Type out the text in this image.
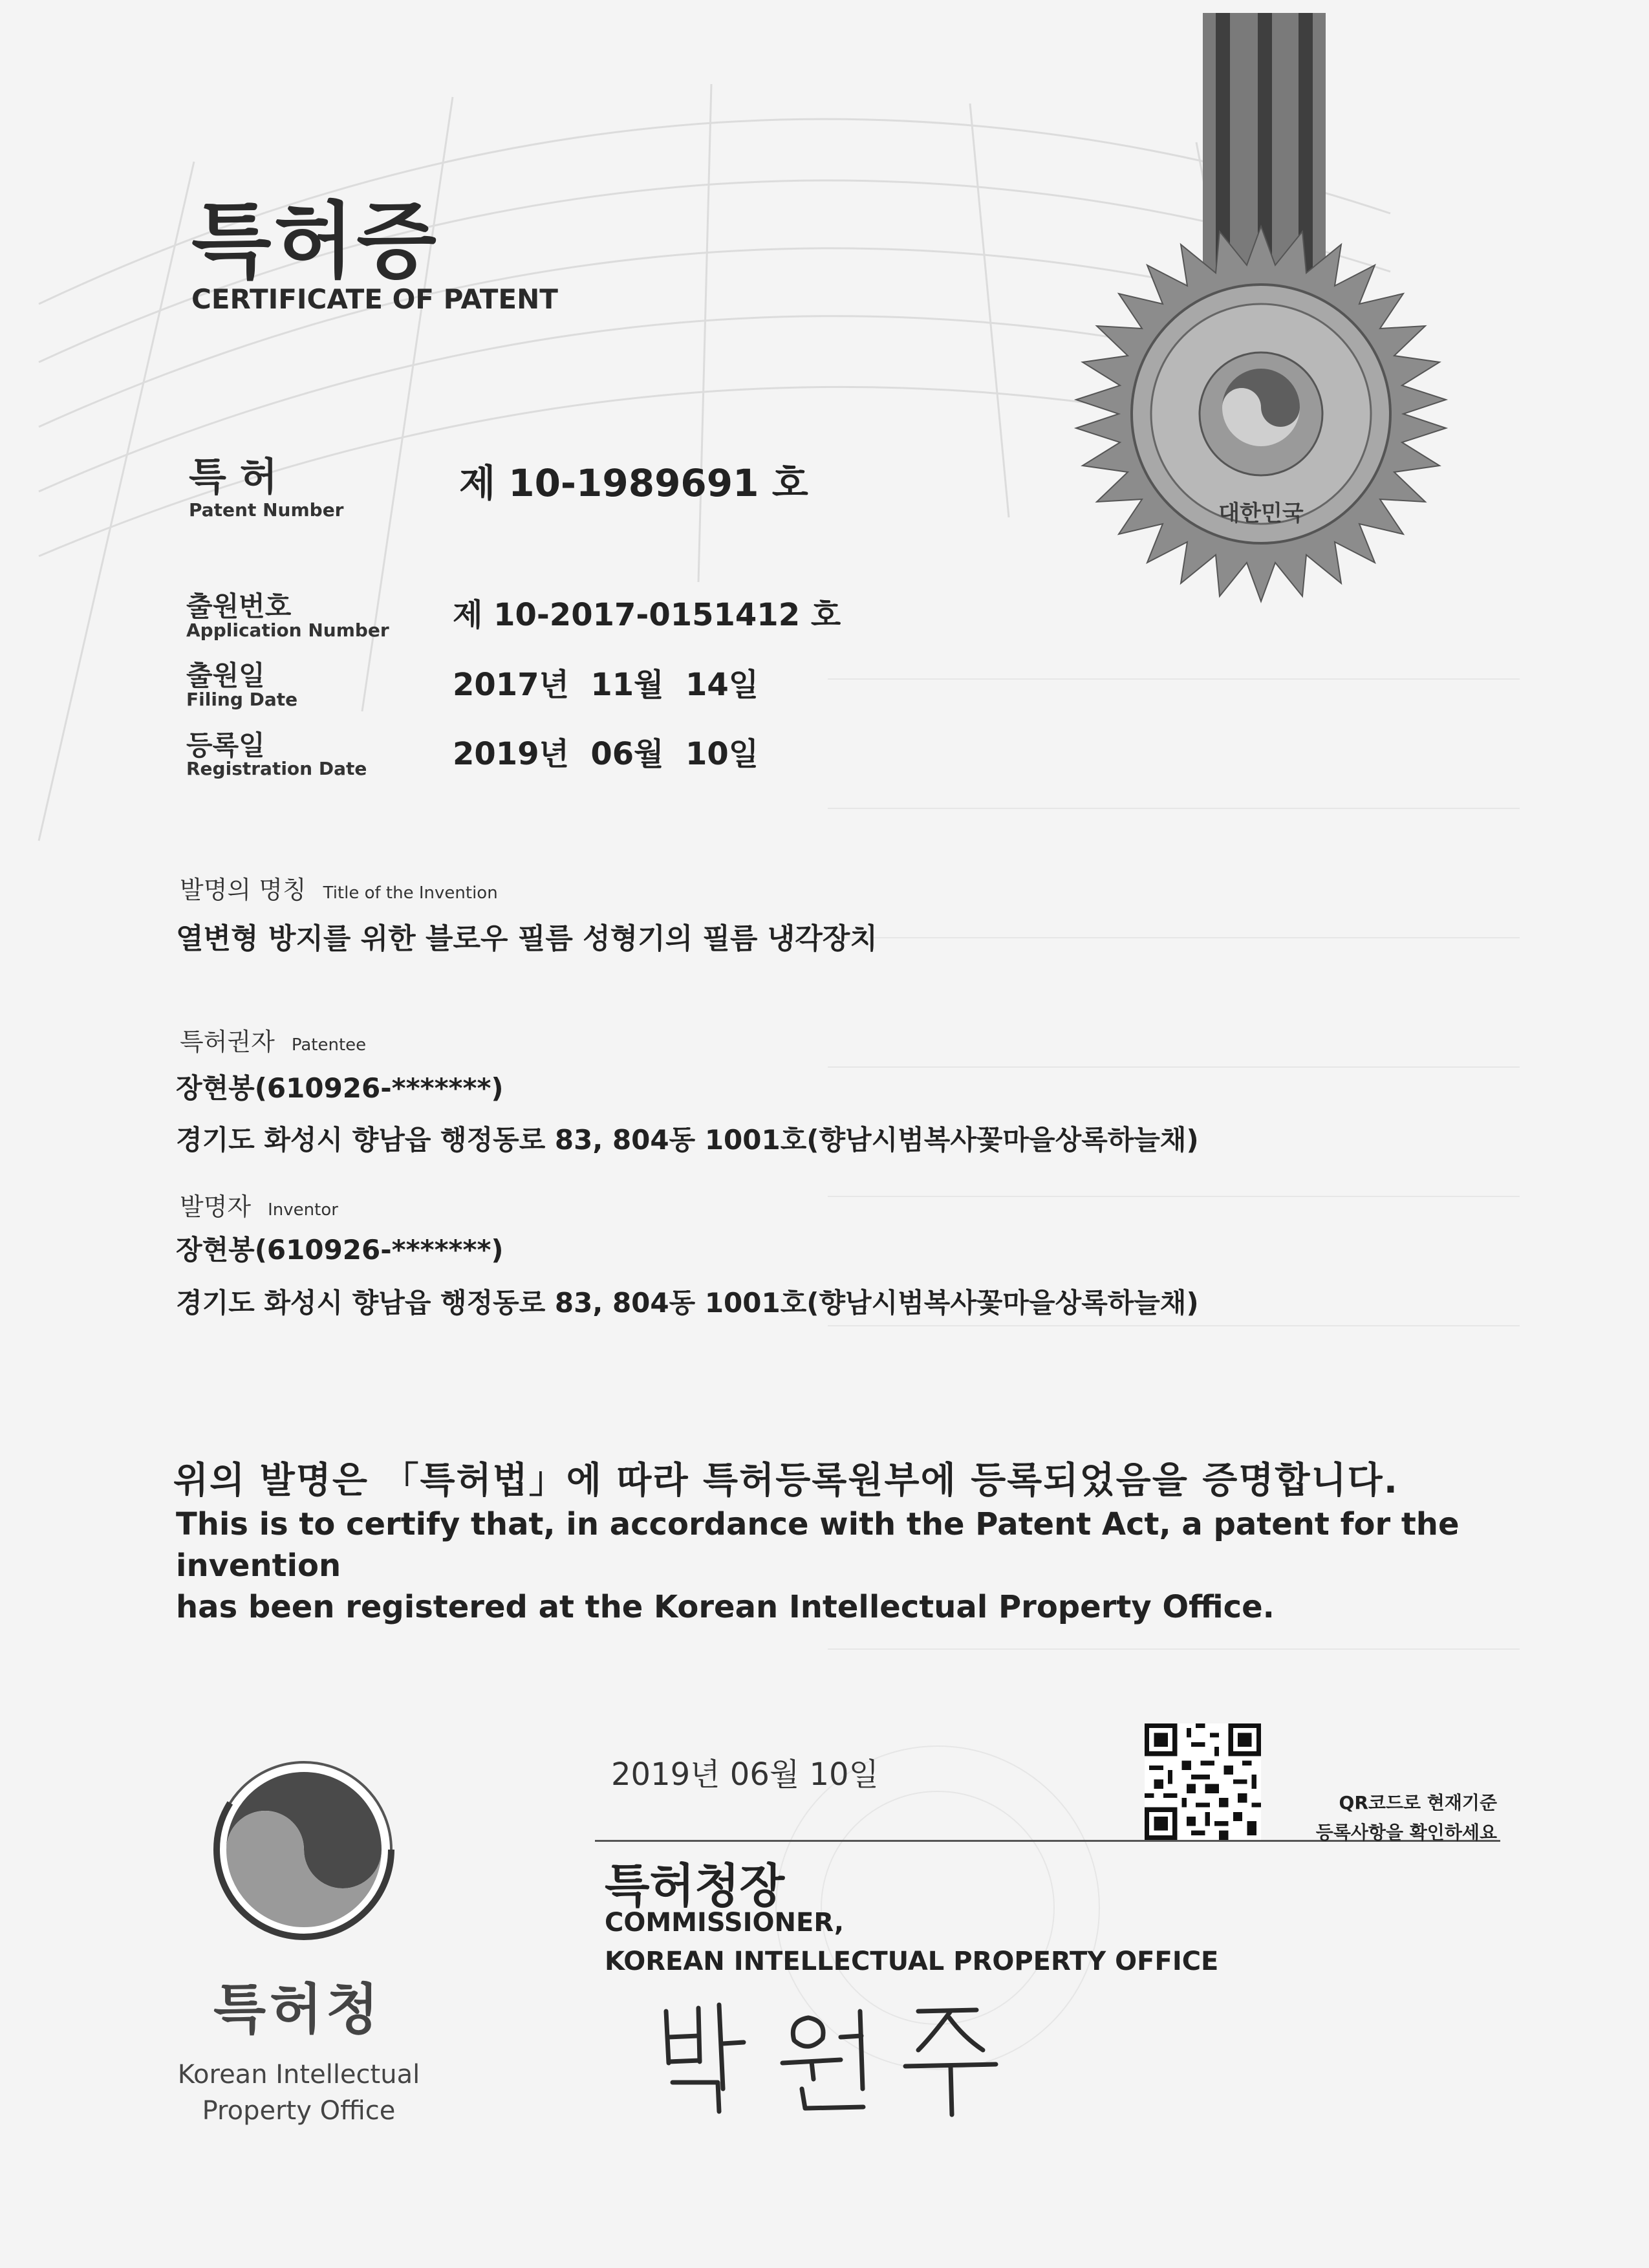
대한민국
특허증
CERTIFICATE OF PATENT
특 허
Patent Number
제 10-1989691 호
출원번호
Application Number 제 10-2017-0151412 호
출원일
Filing Date	2017년  11월  14일
등록일
Registration Date	2019년  06월  10일
발명의 명칭 Title of the Invention
열변형 방지를 위한 블로우 필름 성형기의 필름 냉각장치
특허권자 Patentee
장현봉(610926-*******)
경기도 화성시 향남읍 행정동로 83, 804동 1001호(향남시범복사꽃마을상록하늘채)
발명자 Inventor
장현봉(610926-*******)
경기도 화성시 향남읍 행정동로 83, 804동 1001호(향남시범복사꽃마을상록하늘채)
위의 발명은 「특허법」에 따라 특허등록원부에 등록되었음을 증명합니다.
This is to certify that, in accordance with the Patent Act, a patent for the invention
has been registered at the Korean Intellectual Property Office.
특허청
Korean Intellectual
Property Office
2019년 06월 10일
특허청장
COMMISSIONER,
KOREAN INTELLECTUAL PROPERTY OFFICE
QR코드로 현재기준
등록사항을 확인하세요
